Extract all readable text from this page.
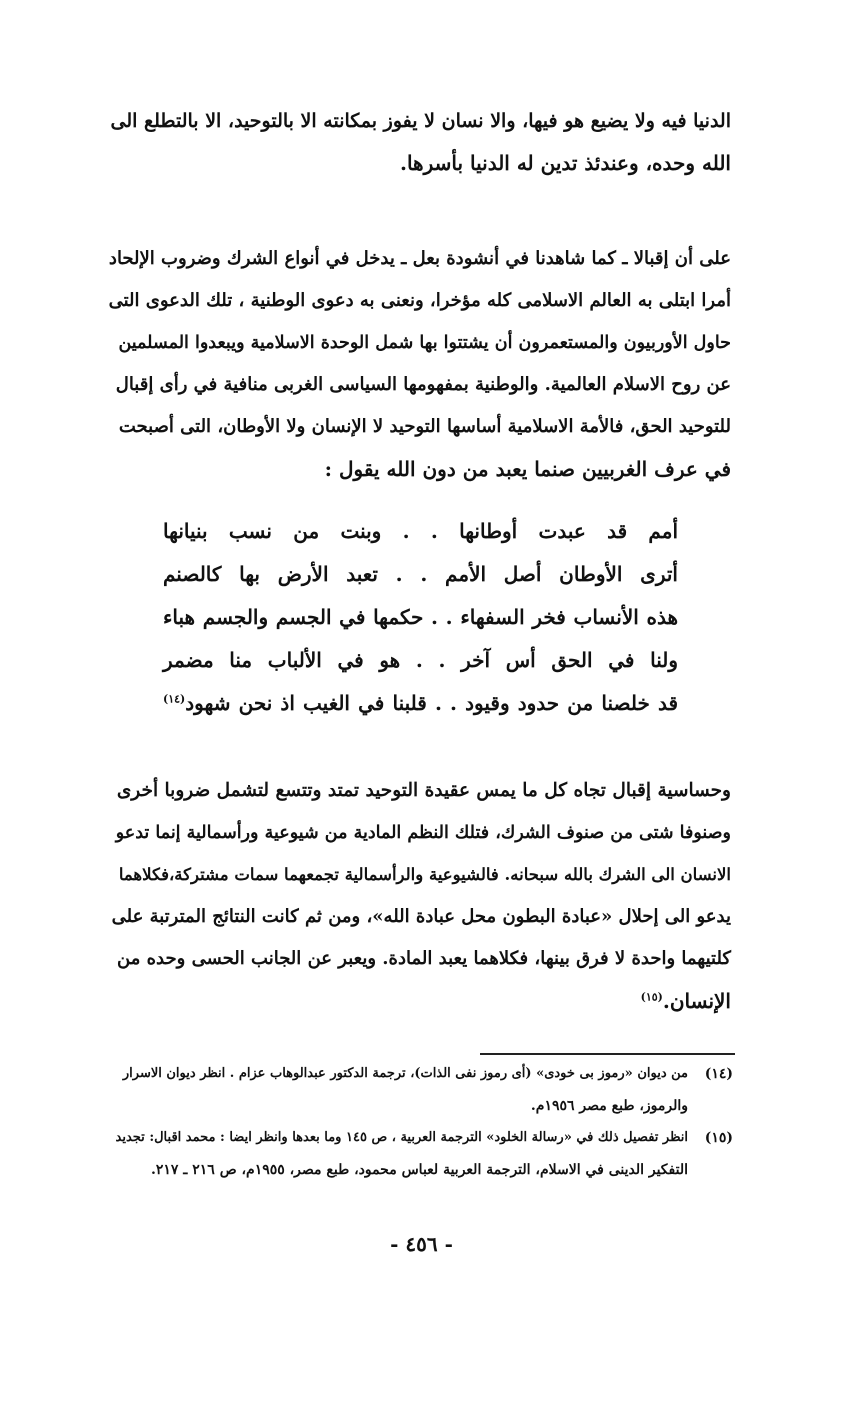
الدنيا فيه ولا يضيع هو فيها، والا نسان لا يفوز بمكانته الا بالتوحيد، الا بالتطلع الى
الله وحده، وعندئذ تدين له الدنيا بأسرها.
على أن إقبالا ـ كما شاهدنا في أنشودة بعل ـ يدخل في أنواع الشرك وضروب الإلحاد
أمرا ابتلى به العالم الاسلامى كله مؤخرا، ونعنى به دعوى الوطنية ، تلك الدعوى التى
حاول الأوربيون والمستعمرون أن يشتتوا بها شمل الوحدة الاسلامية ويبعدوا المسلمين
عن روح الاسلام العالمية. والوطنية بمفهومها السياسى الغربى منافية في رأى إقبال
للتوحيد الحق، فالأمة الاسلامية أساسها التوحيد لا الإنسان ولا الأوطان، التى أصبحت
في عرف الغربيين صنما يعبد من دون الله يقول :
أمم قد عبدت أوطانها . . وبنت من نسب بنيانها
أترى الأوطان أصل الأمم . . تعبد الأرض بها كالصنم
هذه الأنساب فخر السفهاء . . حكمها في الجسم والجسم هباء
ولنا في الحق أس آخر . . هو في الألباب منا مضمر
قد خلصنا من حدود وقيود . . قلبنا في الغيب اذ نحن شهود$^{(١٤)}$
وحساسية إقبال تجاه كل ما يمس عقيدة التوحيد تمتد وتتسع لتشمل ضروبا أخرى
وصنوفا شتى من صنوف الشرك، فتلك النظم المادية من شيوعية ورأسمالية إنما تدعو
الانسان الى الشرك بالله سبحانه. فالشيوعية والرأسمالية تجمعهما سمات مشتركة،فكلاهما
يدعو الى إحلال «عبادة البطون محل عبادة الله»، ومن ثم كانت النتائج المترتبة على
كلتيهما واحدة لا فرق بينها، فكلاهما يعبد المادة. ويعبر عن الجانب الحسى وحده من
الإنسان.$^{(١٥)}$
(١٤)
من ديوان «رموز بى خودى» (أى رموز نفى الذات)، ترجمة الدكتور عبدالوهاب عزام . انظر ديوان الاسرار
والرموز، طبع مصر ١٩٥٦م.
(١٥)
انظر تفصيل ذلك في «رسالة الخلود» الترجمة العربية ، ص ١٤٥ وما بعدها وانظر ايضا : محمد اقبال: تجديد
التفكير الدينى في الاسلام، الترجمة العربية لعباس محمود، طبع مصر، ١٩٥٥م، ص ٢١٦ ـ ٢١٧.
- ٤٥٦ -
